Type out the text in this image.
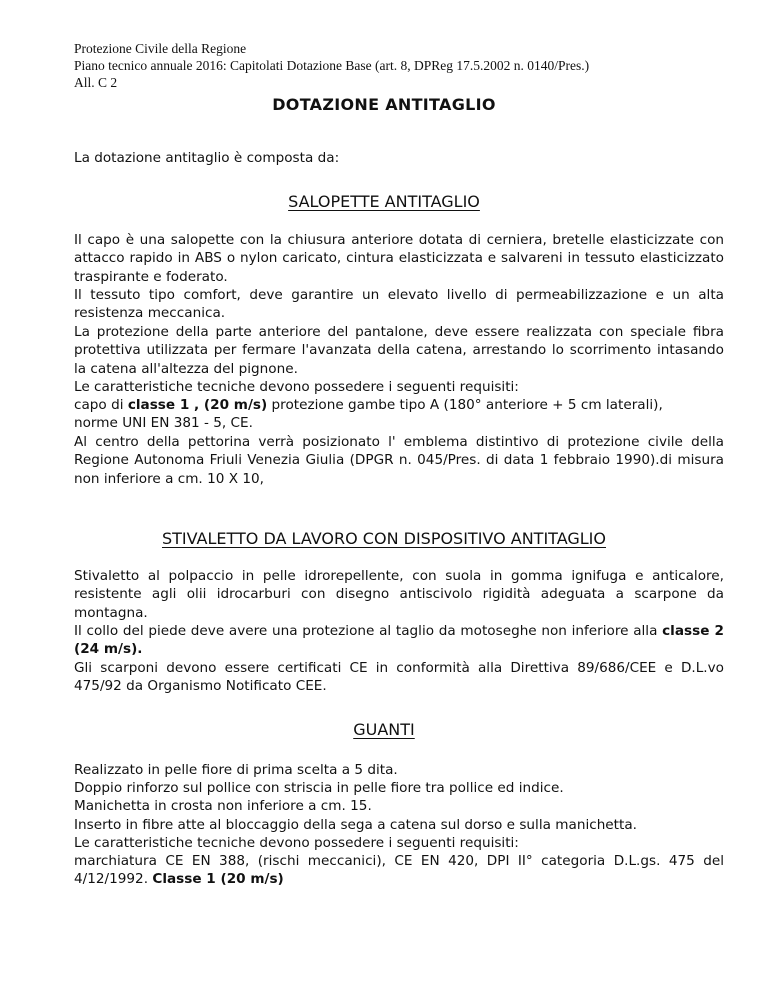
Protezione Civile della Regione
Piano tecnico annuale 2016: Capitolati Dotazione Base (art. 8, DPReg 17.5.2002 n. 0140/Pres.)
All. C 2
DOTAZIONE ANTITAGLIO

La dotazione antitaglio è composta da:

SALOPETTE ANTITAGLIO

Il capo è una salopette con la chiusura anteriore dotata di cerniera, bretelle elasticizzate con attacco rapido in ABS o nylon caricato, cintura elasticizzata e salvareni in tessuto elasticizzato traspirante e foderato.

Il tessuto tipo comfort, deve garantire un elevato livello di permeabilizzazione e un alta resistenza meccanica.

La protezione della parte anteriore del pantalone, deve essere realizzata con speciale fibra protettiva utilizzata per fermare l'avanzata della catena, arrestando lo scorrimento intasando la catena all'altezza del pignone.

Le caratteristiche tecniche devono possedere i seguenti requisiti:

capo di classe 1 , (20 m/s) protezione gambe tipo A (180° anteriore + 5 cm laterali),

norme UNI EN 381 - 5, CE.

Al centro della pettorina verrà posizionato l' emblema distintivo di protezione civile della Regione Autonoma Friuli Venezia Giulia (DPGR n. 045/Pres. di data 1 febbraio 1990).di misura non inferiore a cm. 10 X 10,

STIVALETTO DA LAVORO CON DISPOSITIVO ANTITAGLIO

Stivaletto al polpaccio in pelle idrorepellente, con suola in gomma ignifuga e anticalore, resistente agli olii idrocarburi con disegno antiscivolo rigidità adeguata a scarpone da montagna.

Il collo del piede deve avere una protezione al taglio da motoseghe non inferiore alla classe 2 (24 m/s).

Gli scarponi devono essere certificati CE in conformità alla Direttiva 89/686/CEE e D.L.vo 475/92 da Organismo Notificato CEE.

GUANTI

Realizzato in pelle fiore di prima scelta a 5 dita.

Doppio rinforzo sul pollice con striscia in pelle fiore tra pollice ed indice.

Manichetta in crosta non inferiore a cm. 15.

Inserto in fibre atte al bloccaggio della sega a catena sul dorso e sulla manichetta.

Le caratteristiche tecniche devono possedere i seguenti requisiti:

marchiatura CE EN 388, (rischi meccanici), CE EN 420, DPI II° categoria D.L.gs. 475 del 4/12/1992. Classe 1 (20 m/s)
